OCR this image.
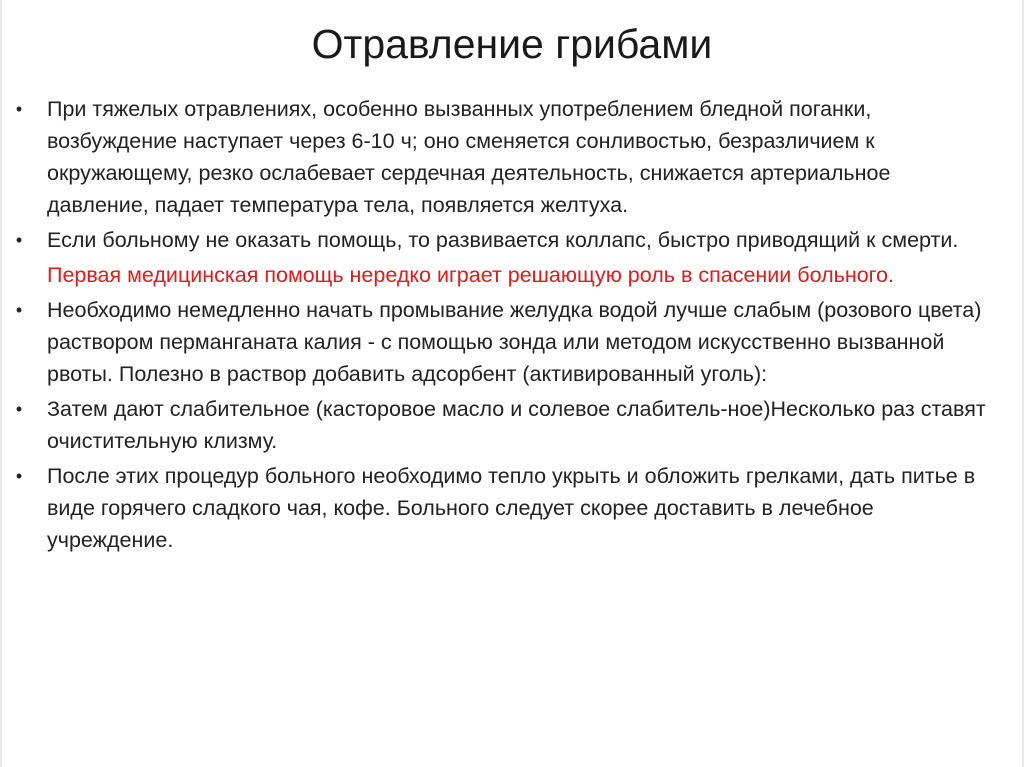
Отравление грибами
•	При тяжелых отравлениях, особенно вызванных употреблением бледной поганки, возбуждение наступает через 6-10 ч; оно сменяется сонливостью, безразличием к окружающему, резко ослабевает сердечная деятельность, снижается артериальное давление, падает температура тела, появляется желтуха.
•	Если больному не оказать помощь, то развивается коллапс, быстро приводящий к смерти.
Первая медицинская помощь нередко играет решающую роль в спасении больного.
•	Необходимо немедленно начать промывание желудка водой лучше слабым (розового цвета) раствором перманганата калия - с помощью зонда или методом искусственно вызванной рвоты. Полезно в раствор добавить адсорбент (активированный уголь):
•	Затем дают слабительное (касторовое масло и солевое слабитель-ное)Несколько раз ставят очистительную клизму.
•	После этих процедур больного необходимо тепло укрыть и обложить грелками, дать питье в виде горячего сладкого чая, кофе. Больного следует скорее доставить в лечебное учреждение.
